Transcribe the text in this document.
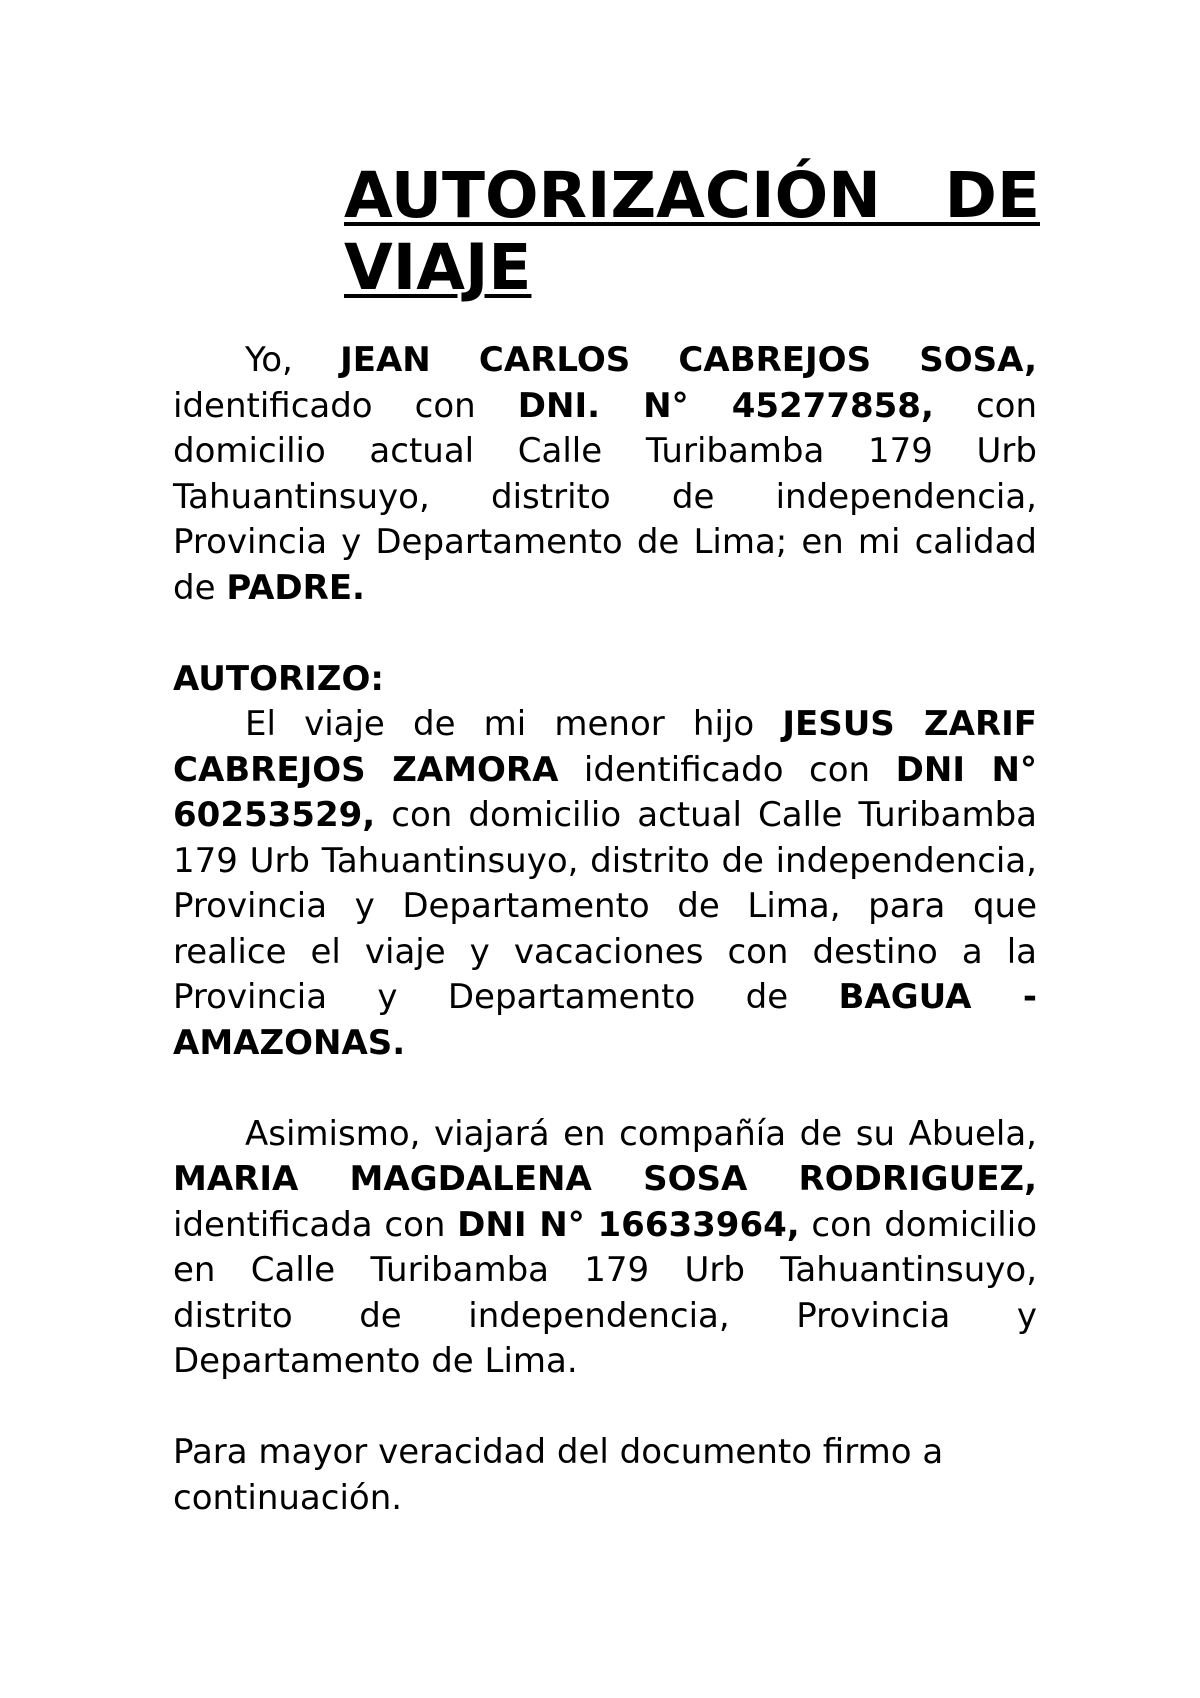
AUTORIZACIÓN DE VIAJE

Yo, JEAN CARLOS CABREJOS SOSA, identificado con DNI. N° 45277858, con domicilio actual Calle Turibamba 179 Urb Tahuantinsuyo, distrito de independencia, Provincia y Departamento de Lima; en mi calidad de PADRE.

AUTORIZO:

El viaje de mi menor hijo JESUS ZARIF CABREJOS ZAMORA identificado con DNI N° 60253529, con domicilio actual Calle Turibamba 179 Urb Tahuantinsuyo, distrito de independencia, Provincia y Departamento de Lima, para que realice el viaje y vacaciones con destino a la Provincia y Departamento de BAGUA - AMAZONAS.

Asimismo, viajará en compañía de su Abuela, MARIA MAGDALENA SOSA RODRIGUEZ, identificada con DNI N° 16633964, con domicilio en Calle Turibamba 179 Urb Tahuantinsuyo, distrito de independencia, Provincia y Departamento de Lima.

Para mayor veracidad del documento firmo a continuación.
